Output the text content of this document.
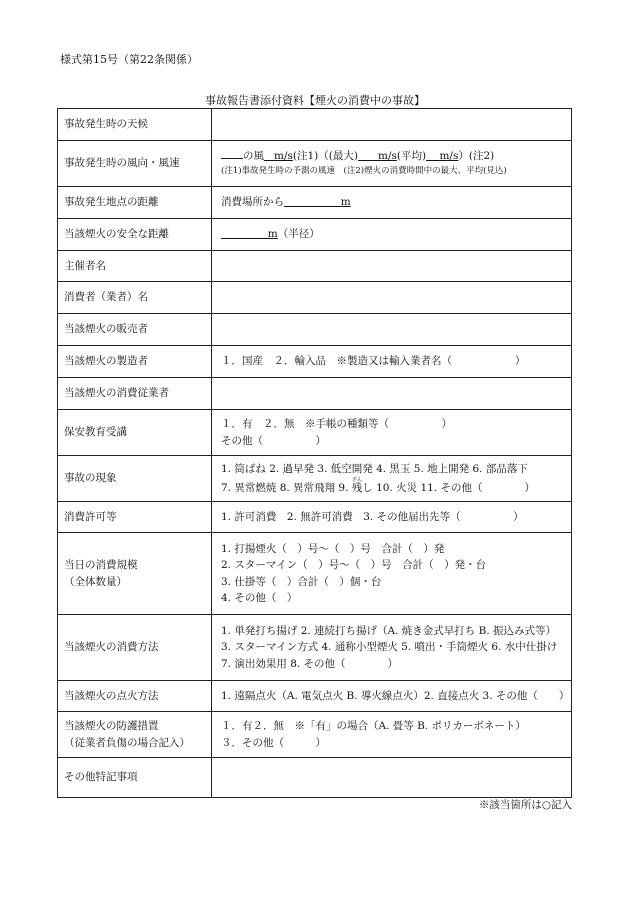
様式第15号（第22条関係）
事故報告書添付資料【煙火の消費中の事故】
事故発生時の天候	
事故発生時の風向・風速	の風 m/s(注1)（(最大) m/s(平均) m/s）(注2)
(注1)事故発生時の予測の風速　(注2)煙火の消費時間中の最大、平均(見込)

事故発生地点の距離	消費場所から m
当該煙火の安全な距離	m（半径）
主催者名	
消費者（業者）名	
当該煙火の販売者	
当該煙火の製造者	１．国産　２．輸入品　※製造又は輸入業者名（　　　　　　）
当該煙火の消費従業者	
保安教育受講	１．有　２．無　※手帳の種類等（　　　　　）
その他（　　　　　）

事故の現象	1. 筒ばね 2. 過早発 3. 低空開発 4. 黒玉 5. 地上開発 6. 部品落下
7. 異常燃焼 8. 異常飛翔 9. 残ざんし 10. 火災 11. その他（　　　　）

消費許可等	1. 許可消費　2. 無許可消費　3. その他届出先等（　　　　　）

当日の消費規模
（全体数量）	1. 打揚煙火（　）号〜（　）号　合計（　）発
2. スターマイン（　）号〜（　）号　合計（　）発・台
3. 仕掛等（　）合計（　）個・台
4. その他（　）

当該煙火の消費方法	1. 単発打ち揚げ 2. 連続打ち揚げ（A. 焼き金式早打ち B. 振込み式等）
3. スターマイン方式 4. 通称小型煙火 5. 噴出・手筒煙火 6. 水中仕掛け
7. 演出効果用 8. その他（　　　　）

当該煙火の点火方法	1. 遠隔点火（A. 電気点火 B. 導火線点火）2. 直接点火 3. その他（　　）

当該煙火の防護措置
（従業者負傷の場合記入）	１．有２．無　※「有」の場合（A. 畳等 B. ポリカーボネート）
３．その他（　　　）

その他特記事項	
※該当箇所は○記入
